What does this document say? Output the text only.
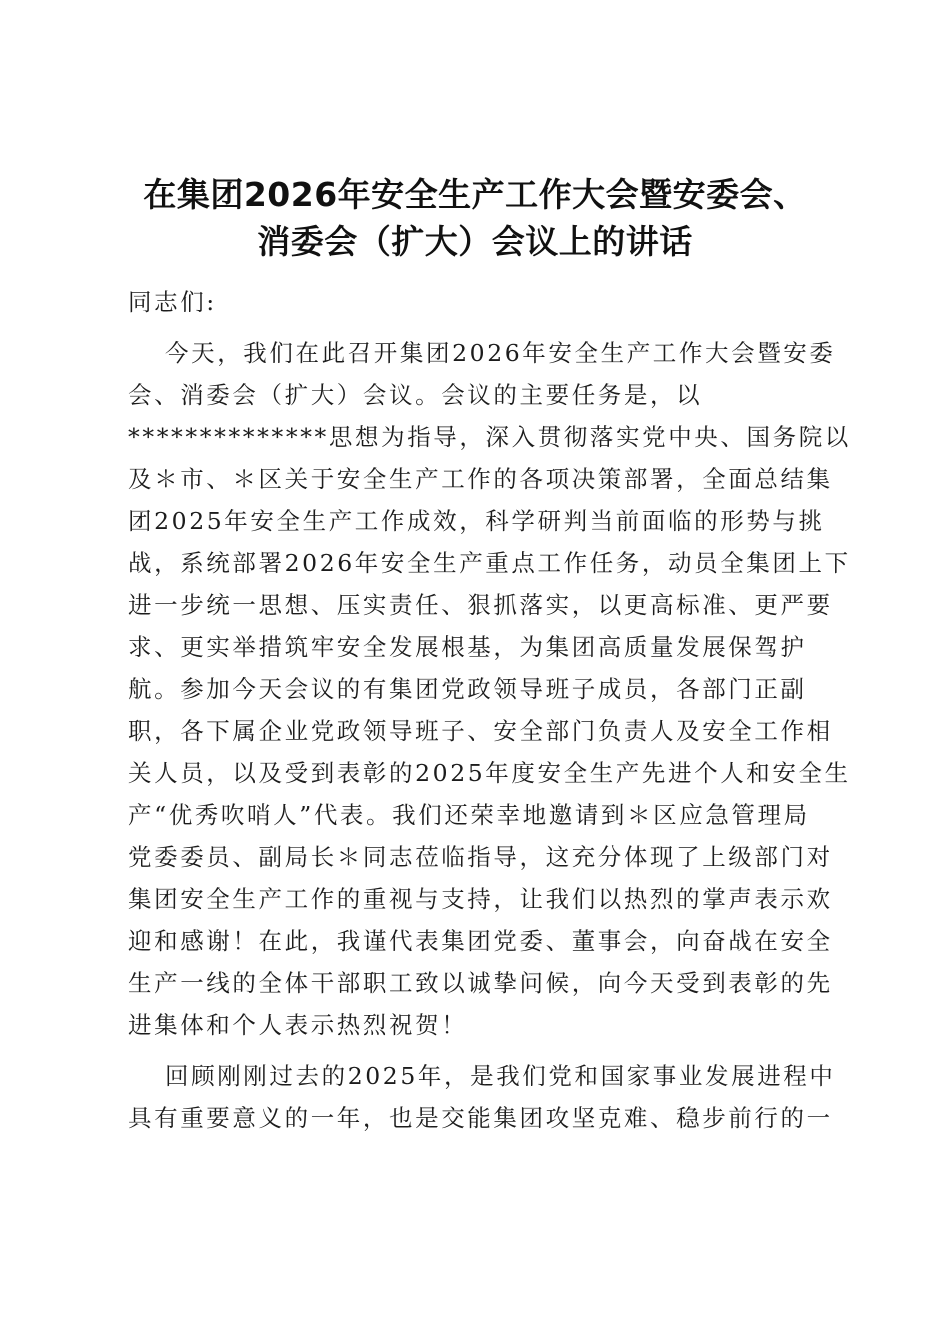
在集团2026年安全生产工作大会暨安委会、
消委会（扩大）会议上的讲话
同志们:
今天，我们在此召开集团2026年安全生产工作大会暨安委
会、消委会（扩大）会议。会议的主要任务是，以
**************思想为指导，深入贯彻落实党中央、国务院以
及＊市、＊区关于安全生产工作的各项决策部署，全面总结集
团2025年安全生产工作成效，科学研判当前面临的形势与挑
战，系统部署2026年安全生产重点工作任务，动员全集团上下
进一步统一思想、压实责任、狠抓落实，以更高标准、更严要
求、更实举措筑牢安全发展根基，为集团高质量发展保驾护
航。参加今天会议的有集团党政领导班子成员，各部门正副
职，各下属企业党政领导班子、安全部门负责人及安全工作相
关人员，以及受到表彰的2025年度安全生产先进个人和安全生
产“优秀吹哨人”代表。我们还荣幸地邀请到＊区应急管理局
党委委员、副局长＊同志莅临指导，这充分体现了上级部门对
集团安全生产工作的重视与支持，让我们以热烈的掌声表示欢
迎和感谢！在此，我谨代表集团党委、董事会，向奋战在安全
生产一线的全体干部职工致以诚挚问候，向今天受到表彰的先
进集体和个人表示热烈祝贺！
回顾刚刚过去的2025年，是我们党和国家事业发展进程中
具有重要意义的一年，也是交能集团攻坚克难、稳步前行的一
